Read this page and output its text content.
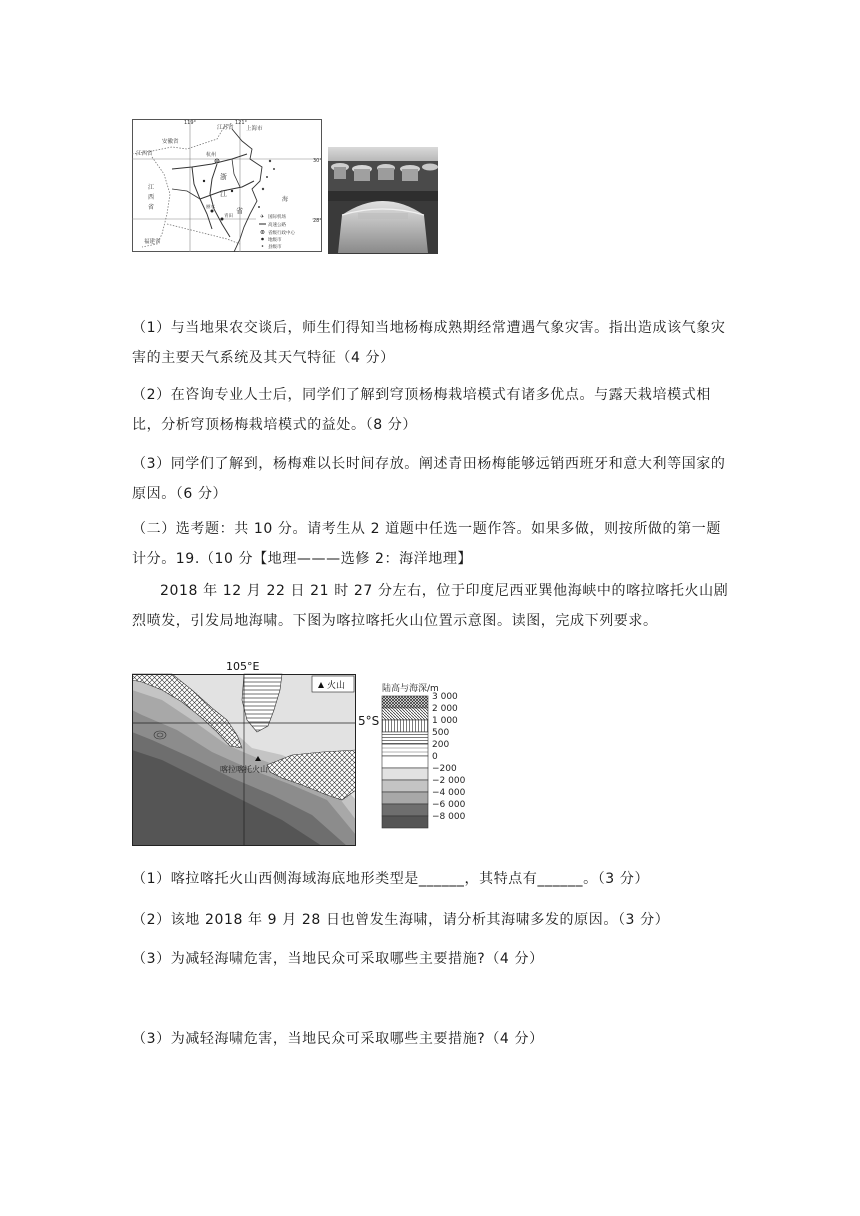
119°	121°
30°
28°
安徽省
江苏省 上海市
江西省
江
西
省
福建省
杭州
浙
江
省
青田
丽水
海
✈ 国际机场
高速公路
省级行政中心
地级市
县级市
（1）与当地果农交谈后，师生们得知当地杨梅成熟期经常遭遇气象灾害。指出造成该气象灾害的主要天气系统及其天气特征（4 分）
（2）在咨询专业人士后，同学们了解到穹顶杨梅栽培模式有诸多优点。与露天栽培模式相比，分析穹顶杨梅栽培模式的益处。（8 分）
（3）同学们了解到，杨梅难以长时间存放。阐述青田杨梅能够远销西班牙和意大利等国家的原因。（6 分）
（二）选考题：共 10 分。请考生从 2 道题中任选一题作答。如果多做，则按所做的第一题计分。19.（10 分【地理———选修 2：海洋地理】
2018 年 12 月 22 日 21 时 27 分左右，位于印度尼西亚巽他海峡中的喀拉喀托火山剧烈喷发，引发局地海啸。下图为喀拉喀托火山位置示意图。读图，完成下列要求。
喀拉喀托火山
火山
105°E
5°S
陆高与海深/m
3 000
2 000
1 000
500
200
0
−200
−2 000
−4 000
−6 000
−8 000
（1）喀拉喀托火山西侧海域海底地形类型是______，其特点有______。（3 分）
（2）该地 2018 年 9 月 28 日也曾发生海啸，请分析其海啸多发的原因。（3 分）
（3）为减轻海啸危害，当地民众可采取哪些主要措施?（4 分）
（3）为减轻海啸危害，当地民众可采取哪些主要措施?（4 分）
